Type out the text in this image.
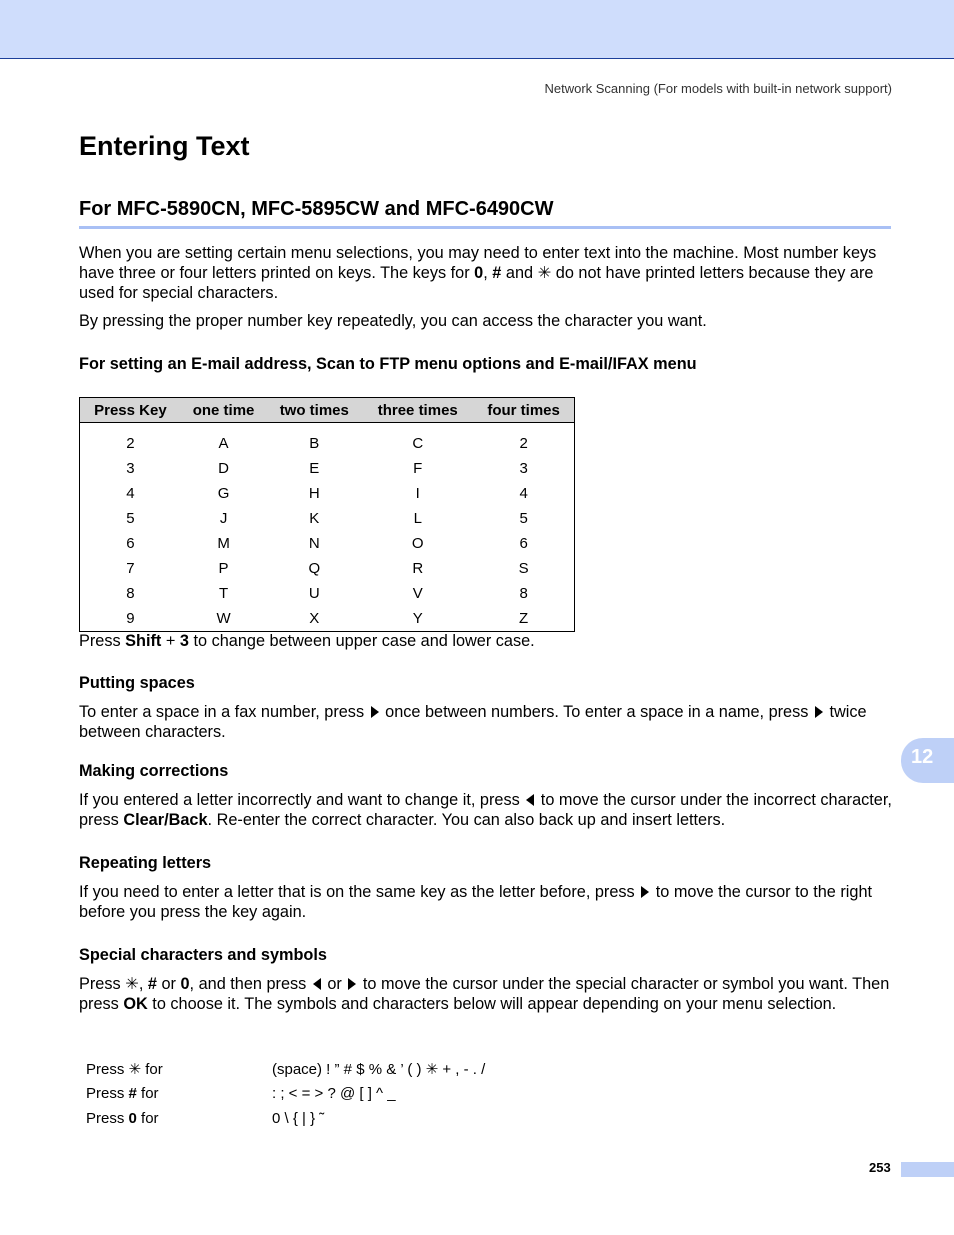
Network Scanning (For models with built-in network support)
Entering Text
For MFC-5890CN, MFC-5895CW and MFC-6490CW

When you are setting certain menu selections, you may need to enter text into the machine. Most number keys have three or four letters printed on keys. The keys for 0, # and ✳ do not have printed letters because they are used for special characters.

By pressing the proper number key repeatedly, you can access the character you want.

For setting an E-mail address, Scan to FTP menu options and E-mail/IFAX menu

Press Key	one time	two times	three times	four times

2	A	B	C	2
3	D	E	F	3
4	G	H	I	4
5	J	K	L	5
6	M	N	O	6
7	P	Q	R	S
8	T	U	V	8
9	W	X	Y	Z

Press Shift + 3 to change between upper case and lower case.

Putting spaces

To enter a space in a fax number, press  once between numbers. To enter a space in a name, press  twice between characters.

Making corrections

If you entered a letter incorrectly and want to change it, press  to move the cursor under the incorrect character, press Clear/Back. Re-enter the correct character. You can also back up and insert letters.

Repeating letters

If you need to enter a letter that is on the same key as the letter before, press  to move the cursor to the right before you press the key again.

Special characters and symbols

Press ✳, # or 0, and then press  or  to move the cursor under the special character or symbol you want. Then press OK to choose it. The symbols and characters below will appear depending on your menu selection.

Press ✳ for	(space) ! ” # $ % & ’ ( ) ✳ + , - . /
Press # for	: ; < = > ? @ [ ] ^ _
Press 0 for	0 \ { | } ˜
12
253
